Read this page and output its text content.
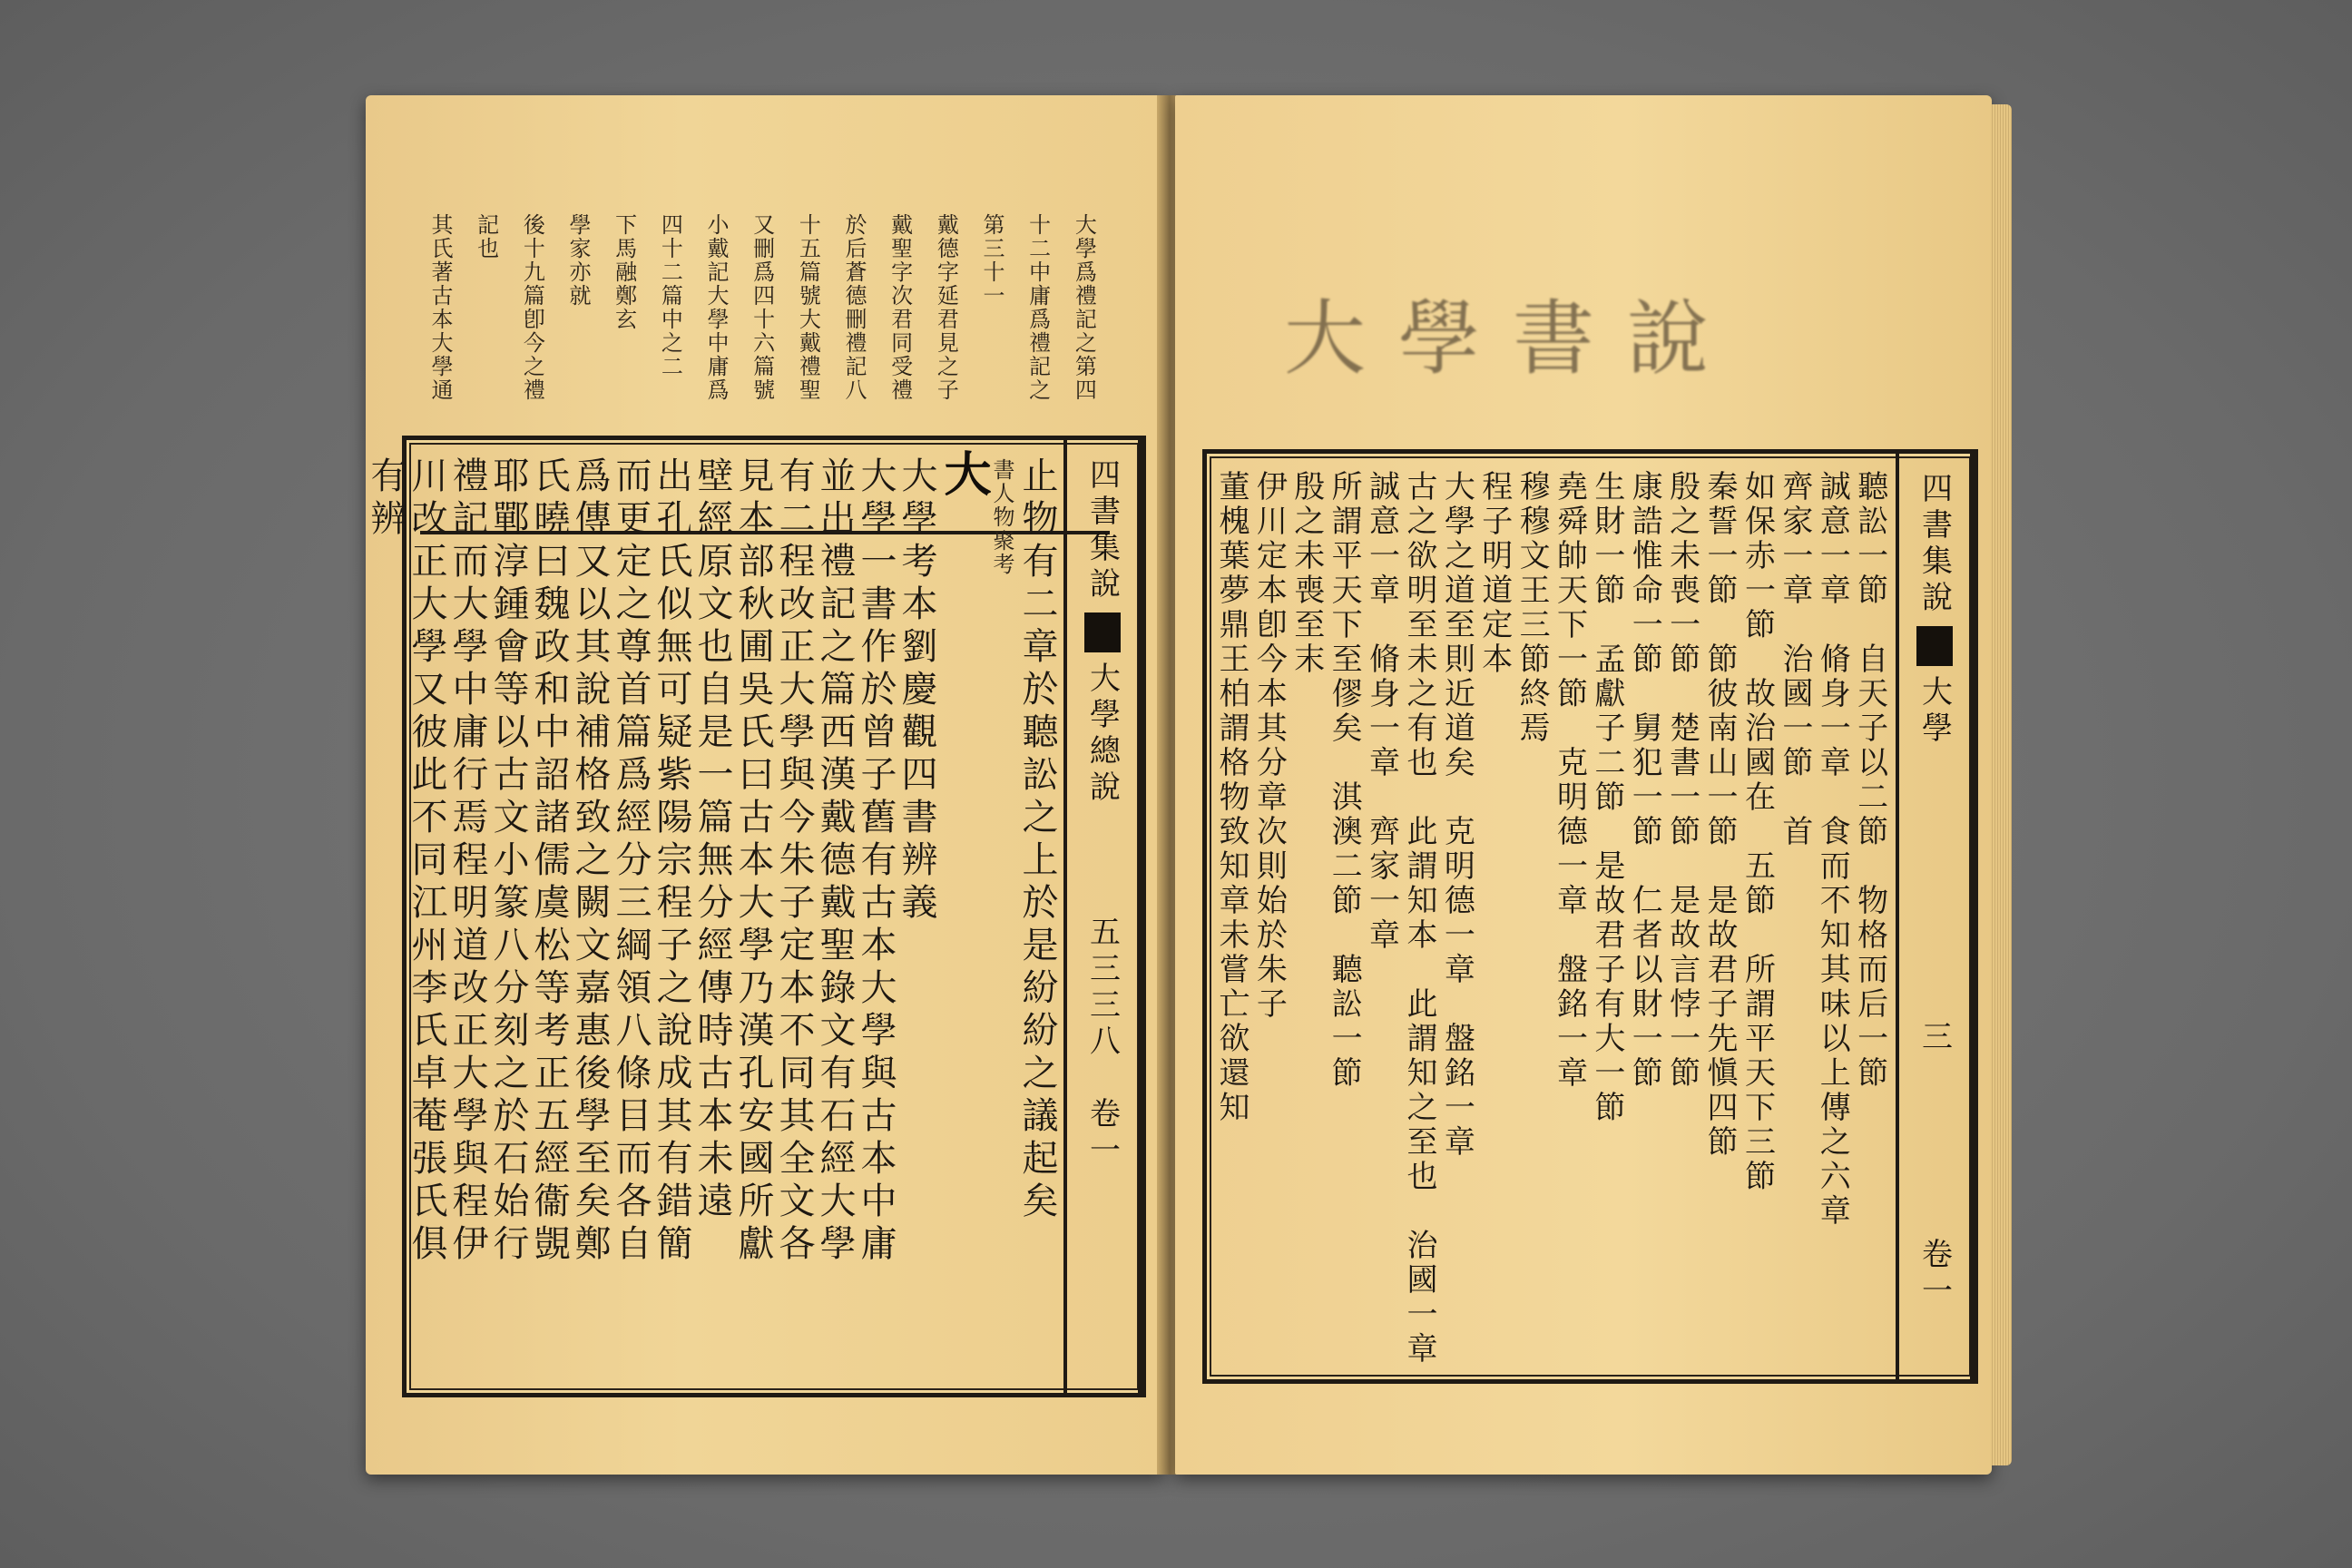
大學爲禮記之第四
十二中庸爲禮記之
第三十一
戴德字延君見之子
戴聖字次君同受禮
於后蒼德刪禮記八
十五篇號大戴禮聖
又刪爲四十六篇號
小戴記大學中庸爲
四十二篇中之二
下馬融鄭玄
學家亦就
後十九篇卽今之禮
記也
其氏著古本大學通
四書集說
大學總說
五三三八
卷一
止物有二章於聽訟之上於是紛紛之議起矣
書人物聚考
大
大學考本劉慶觀四書辨義
大學一書作於曾子舊有古本大學與古本中庸
並出禮記之篇西漢戴德戴聖錄文有石經大學
有二程改正大學與今朱子定本不同其全文各
見本部秋圃吳氏曰古本大學乃漢孔安國所獻
壁經原文也自是一篇無分經傳時古本未遠
出孔氏似無可疑紫陽宗程子之說成其有錯簡
而更定之尊首篇爲經分三綱領八條目而各自
爲傳又以其說補格致之闕文嘉惠後學至矣鄭
氏曉曰魏政和中詔諸儒虞松等考正五經衞覬
耶鄲淳鍾會等以古文小篆八分刻之於石始行
禮記而大學中庸行焉程明道改正大學與程伊
川改正大學又彼此不同江州李氏卓菴張氏俱
有辨
大 學 書 說
四書集說
大學
三
卷一
聽訟一節　自天子以二節　物格而后一節
誠意一章　脩身一章　食而不知其味以上傳之六章
齊家一章　治國一節　首
如保赤一節　故治國在　五節　所謂平天下三節
秦誓一節　節彼南山一節　是故君子先愼四節
殷之未喪一節　楚書一節　是故言悖一節
康誥惟命一節　舅犯一節　仁者以財一節
生財一節　孟獻子二節　是故君子有大一節
堯舜帥天下一節　克明德一章　盤銘一章
穆穆文王三節終焉
程子明道定本
大學之道至則近道矣　克明德一章　盤銘一章
古之欲明至未之有也　此謂知本　此謂知之至也　治國一章
誠意一章　脩身一章　齊家一章
所謂平天下至僇矣　淇澳二節　聽訟一節
殷之未喪至末
伊川定本卽今本其分章次則始於朱子
董槐葉夢鼎王柏謂格物致知章未嘗亡欲還知
